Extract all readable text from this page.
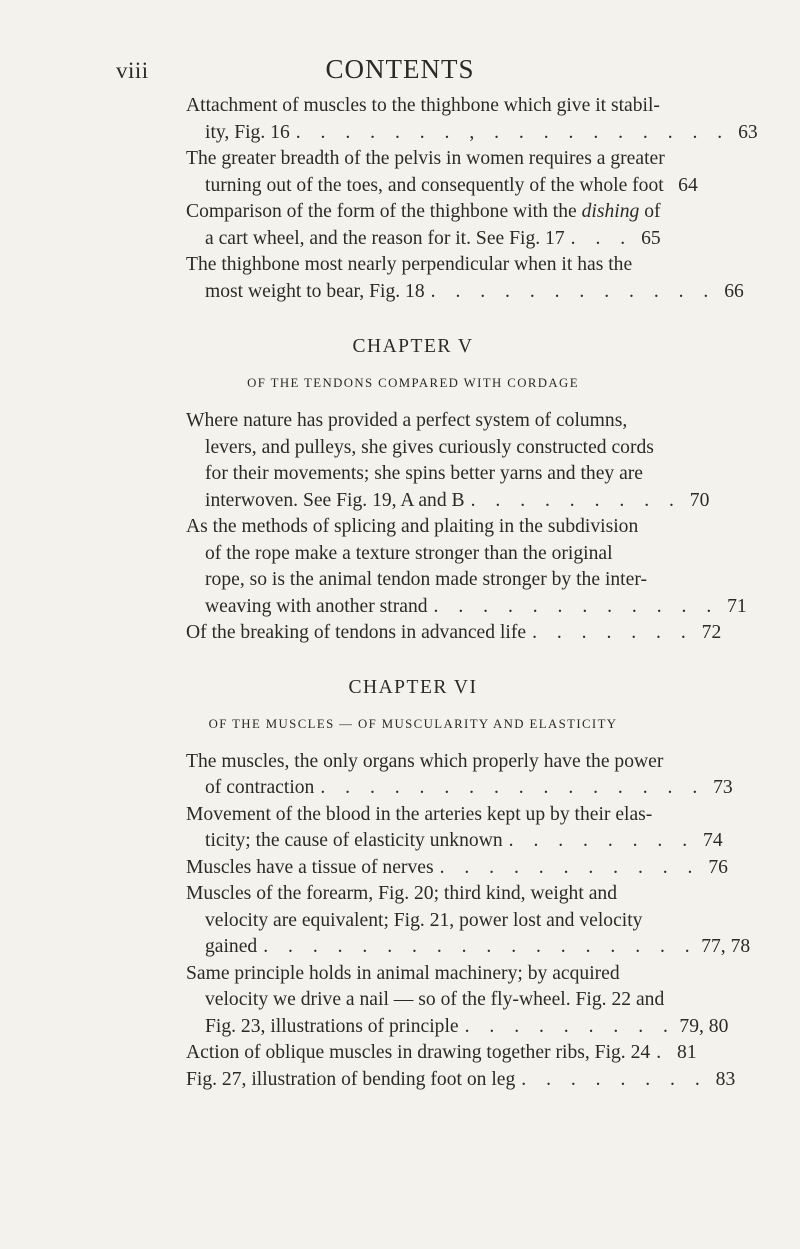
viii	CONTENTS
Attachment of muscles to the thighbone which give it stabil-
ity, Fig. 16 . . . . . . . . . . , . . . . . . . 63
The greater breadth of the pelvis in women requires a greater
turning out of the toes, and consequently of the whole foot 64
Comparison of the form of the thighbone with the dishing of
a cart wheel, and the reason for it. See Fig. 17 . . . 65
The thighbone most nearly perpendicular when it has the
most weight to bear, Fig. 18 . . . . . . . . . . . . 66
CHAPTER V
OF THE TENDONS COMPARED WITH CORDAGE
Where nature has provided a perfect system of columns,
levers, and pulleys, she gives curiously constructed cords
for their movements; she spins better yarns and they are
interwoven. See Fig. 19, A and B . . . . . . . . . 70
As the methods of splicing and plaiting in the subdivision
of the rope make a texture stronger than the original
rope, so is the animal tendon made stronger by the inter-
weaving with another strand . . . . . . . . . . . . 71
Of the breaking of tendons in advanced life . . . . . . . 72
CHAPTER VI
OF THE MUSCLES — OF MUSCULARITY AND ELASTICITY
The muscles, the only organs which properly have the power
of contraction . . . . . . . . . . . . . . . . 73
Movement of the blood in the arteries kept up by their elas-
ticity; the cause of elasticity unknown . . . . . . . . 74
Muscles have a tissue of nerves . . . . . . . . . . . 76
Muscles of the forearm, Fig. 20; third kind, weight and
velocity are equivalent; Fig. 21, power lost and velocity
gained . . . . . . . . . . . . . . . . . . 77, 78
Same principle holds in animal machinery; by acquired
velocity we drive a nail — so of the fly-wheel. Fig. 22 and
Fig. 23, illustrations of principle . . . . . . . . . 79, 80
Action of oblique muscles in drawing together ribs, Fig. 24 . 81
Fig. 27, illustration of bending foot on leg . . . . . . . . 83
